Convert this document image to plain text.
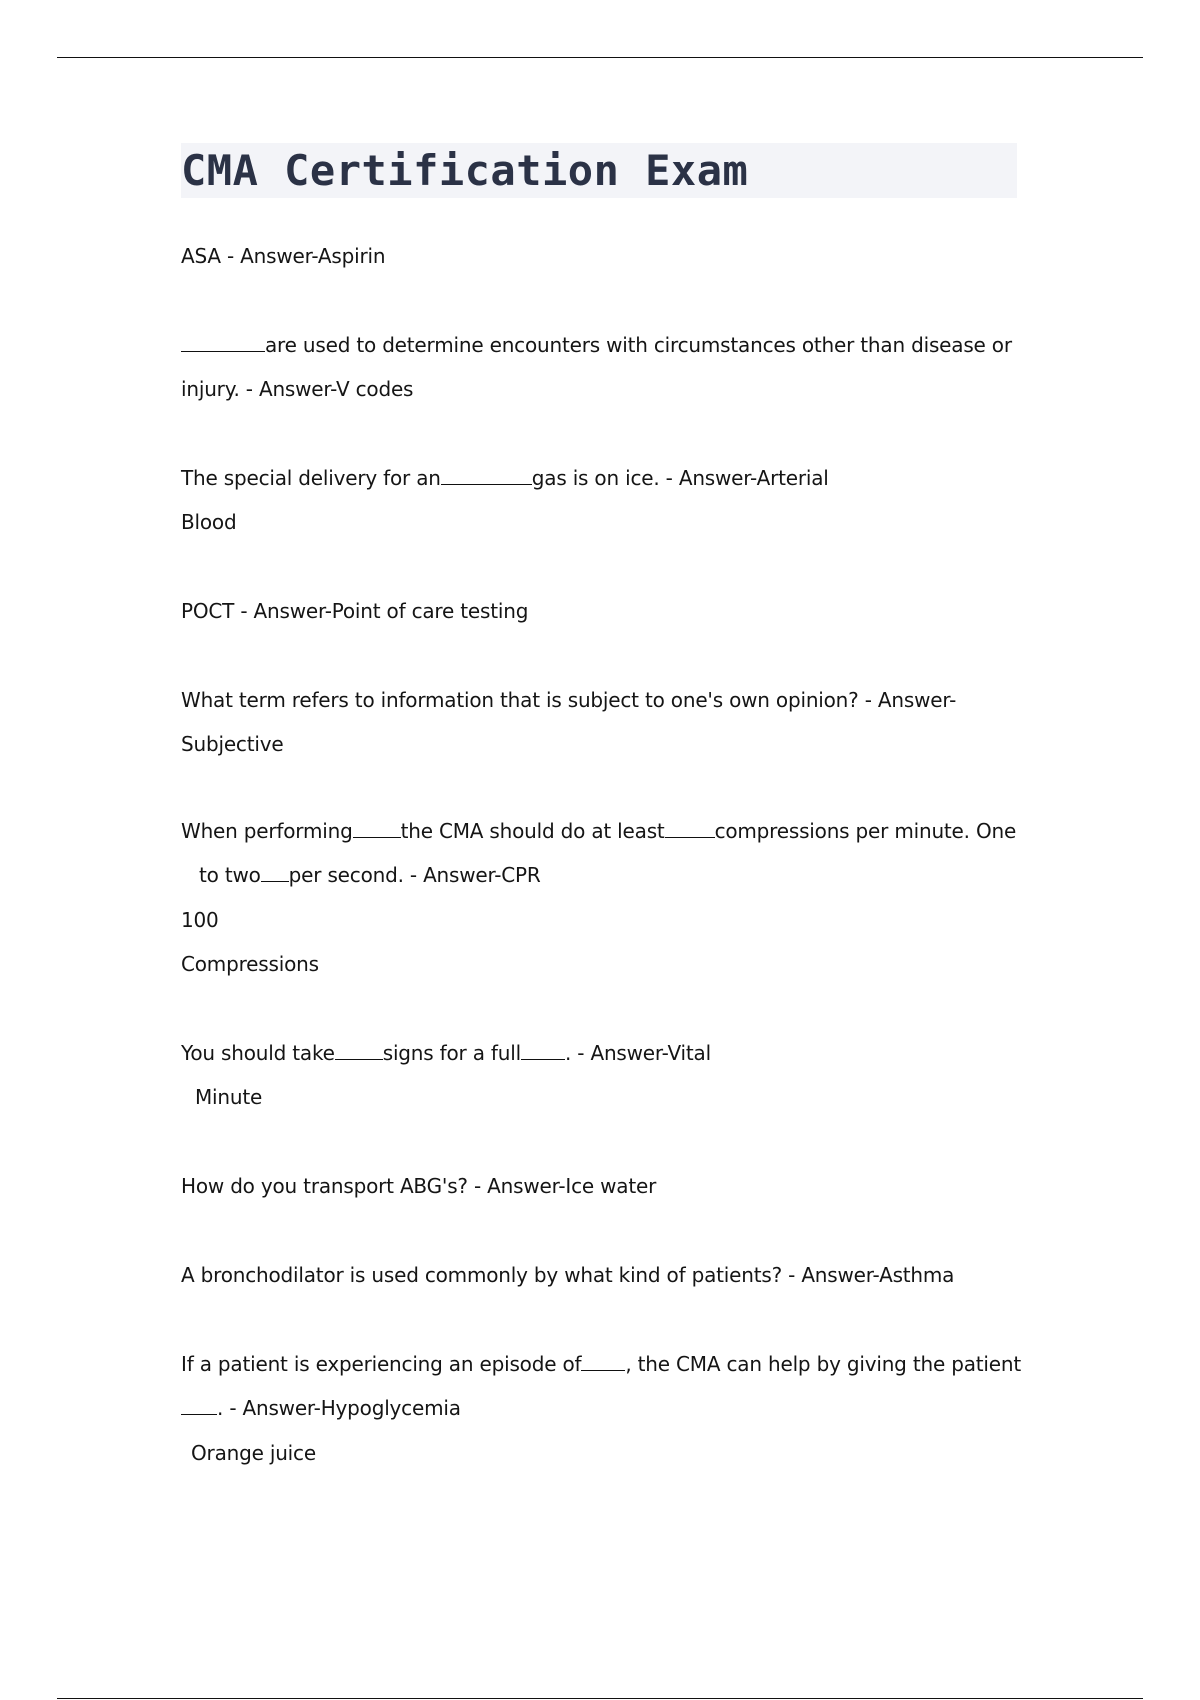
CMA Certification Exam

ASA - Answer-Aspirin

are used to determine encounters with circumstances other than disease or

injury. - Answer-V codes

The special delivery for an	gas is on ice. - Answer-Arterial

Blood

POCT - Answer-Point of care testing

What term refers to information that is subject to one's own opinion? - Answer-

Subjective

When performing the CMA should do at least	compressions per minute. One

to two per second. - Answer-CPR

100

Compressions

You should take signs for a full . - Answer-Vital

Minute

How do you transport ABG's? - Answer-Ice water

A bronchodilator is used commonly by what kind of patients? - Answer-Asthma

If a patient is experiencing an episode of , the CMA can help by giving the patient

. - Answer-Hypoglycemia

Orange juice
